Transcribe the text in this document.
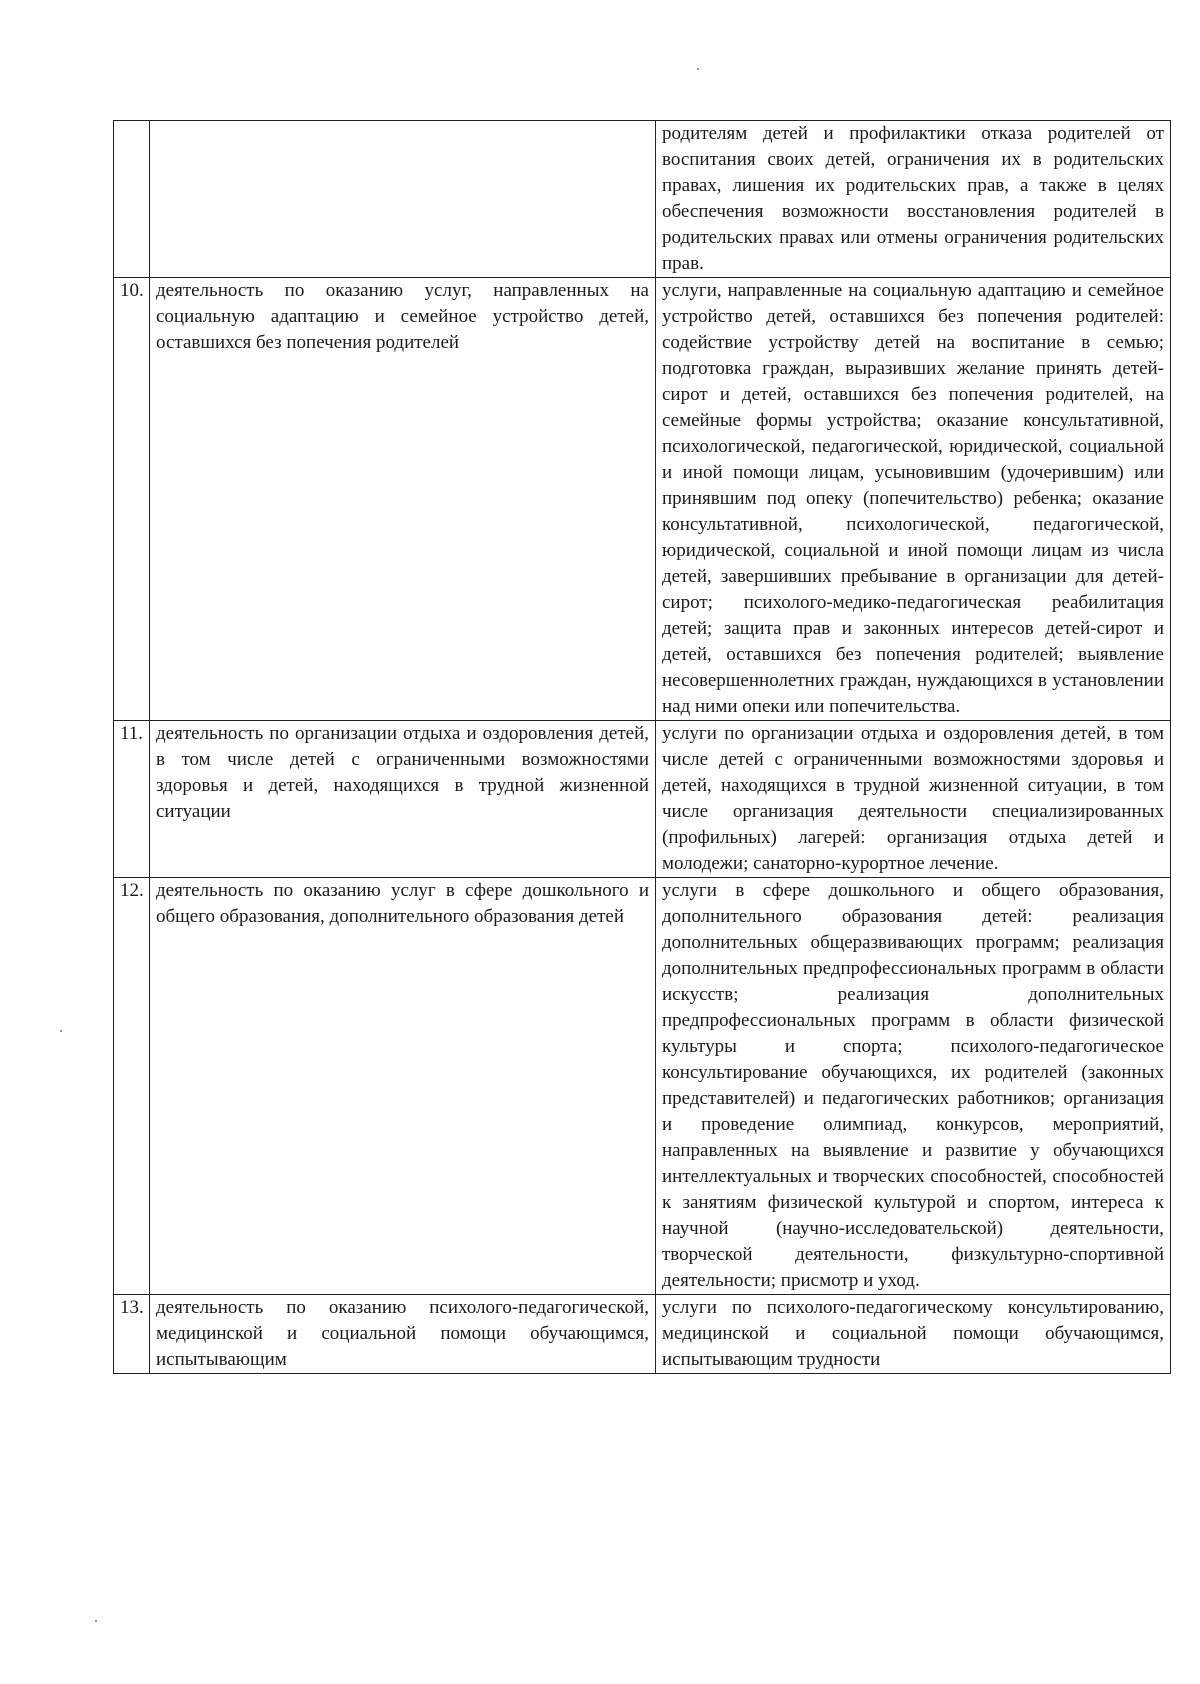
		родителям детей и профилактики отказа родителей от воспитания своих детей, ограничения их в родительских правах, лишения их родительских прав, а также в целях обеспечения возможности восстановления родителей в родительских правах или отмены ограничения родительских прав.
10.	деятельность по оказанию услуг, направленных на социальную адаптацию и семейное устройство детей, оставшихся без попечения родителей	услуги, направленные на социальную адаптацию и семейное устройство детей, оставшихся без попечения родителей: содействие устройству детей на воспитание в семью; подготовка граждан, выразивших желание принять детей-сирот и детей, оставшихся без попечения родителей, на семейные формы устройства; оказание консультативной, психологической, педагогической, юридической, социальной и иной помощи лицам, усыновившим (удочерившим) или принявшим под опеку (попечительство) ребенка; оказание консультативной, психологической, педагогической, юридической, социальной и иной помощи лицам из числа детей, завершивших пребывание в организации для детей-сирот; психолого-медико-педагогическая реабилитация детей; защита прав и законных интересов детей-сирот и детей, оставшихся без попечения родителей; выявление несовершеннолетних граждан, нуждающихся в установлении над ними опеки или попечительства.
11.	деятельность по организации отдыха и оздоровления детей, в том числе детей с ограниченными возможностями здоровья и детей, находящихся в трудной жизненной ситуации	услуги по организации отдыха и оздоровления детей, в том числе детей с ограниченными возможностями здоровья и детей, находящихся в трудной жизненной ситуации, в том числе организация деятельности специализированных (профильных) лагерей: организация отдыха детей и молодежи; санаторно-курортное лечение.
12.	деятельность по оказанию услуг в сфере дошкольного и общего образования, дополнительного образования детей	услуги в сфере дошкольного и общего образования, дополнительного образования детей: реализация дополнительных общеразвивающих программ; реализация дополнительных предпрофессиональных программ в области искусств; реализация дополнительных предпрофессиональных программ в области физической культуры и спорта; психолого-педагогическое консультирование обучающихся, их родителей (законных представителей) и педагогических работников; организация и проведение олимпиад, конкурсов, мероприятий, направленных на выявление и развитие у обучающихся интеллектуальных и творческих способностей, способностей к занятиям физической культурой и спортом, интереса к научной (научно-исследовательской) деятельности, творческой деятельности, физкультурно-спортивной деятельности; присмотр и уход.
13.	деятельность по оказанию психолого-педагогической, медицинской и социальной помощи обучающимся, испытывающим	услуги по психолого-педагогическому консультированию, медицинской и социальной помощи обучающимся, испытывающим трудности
